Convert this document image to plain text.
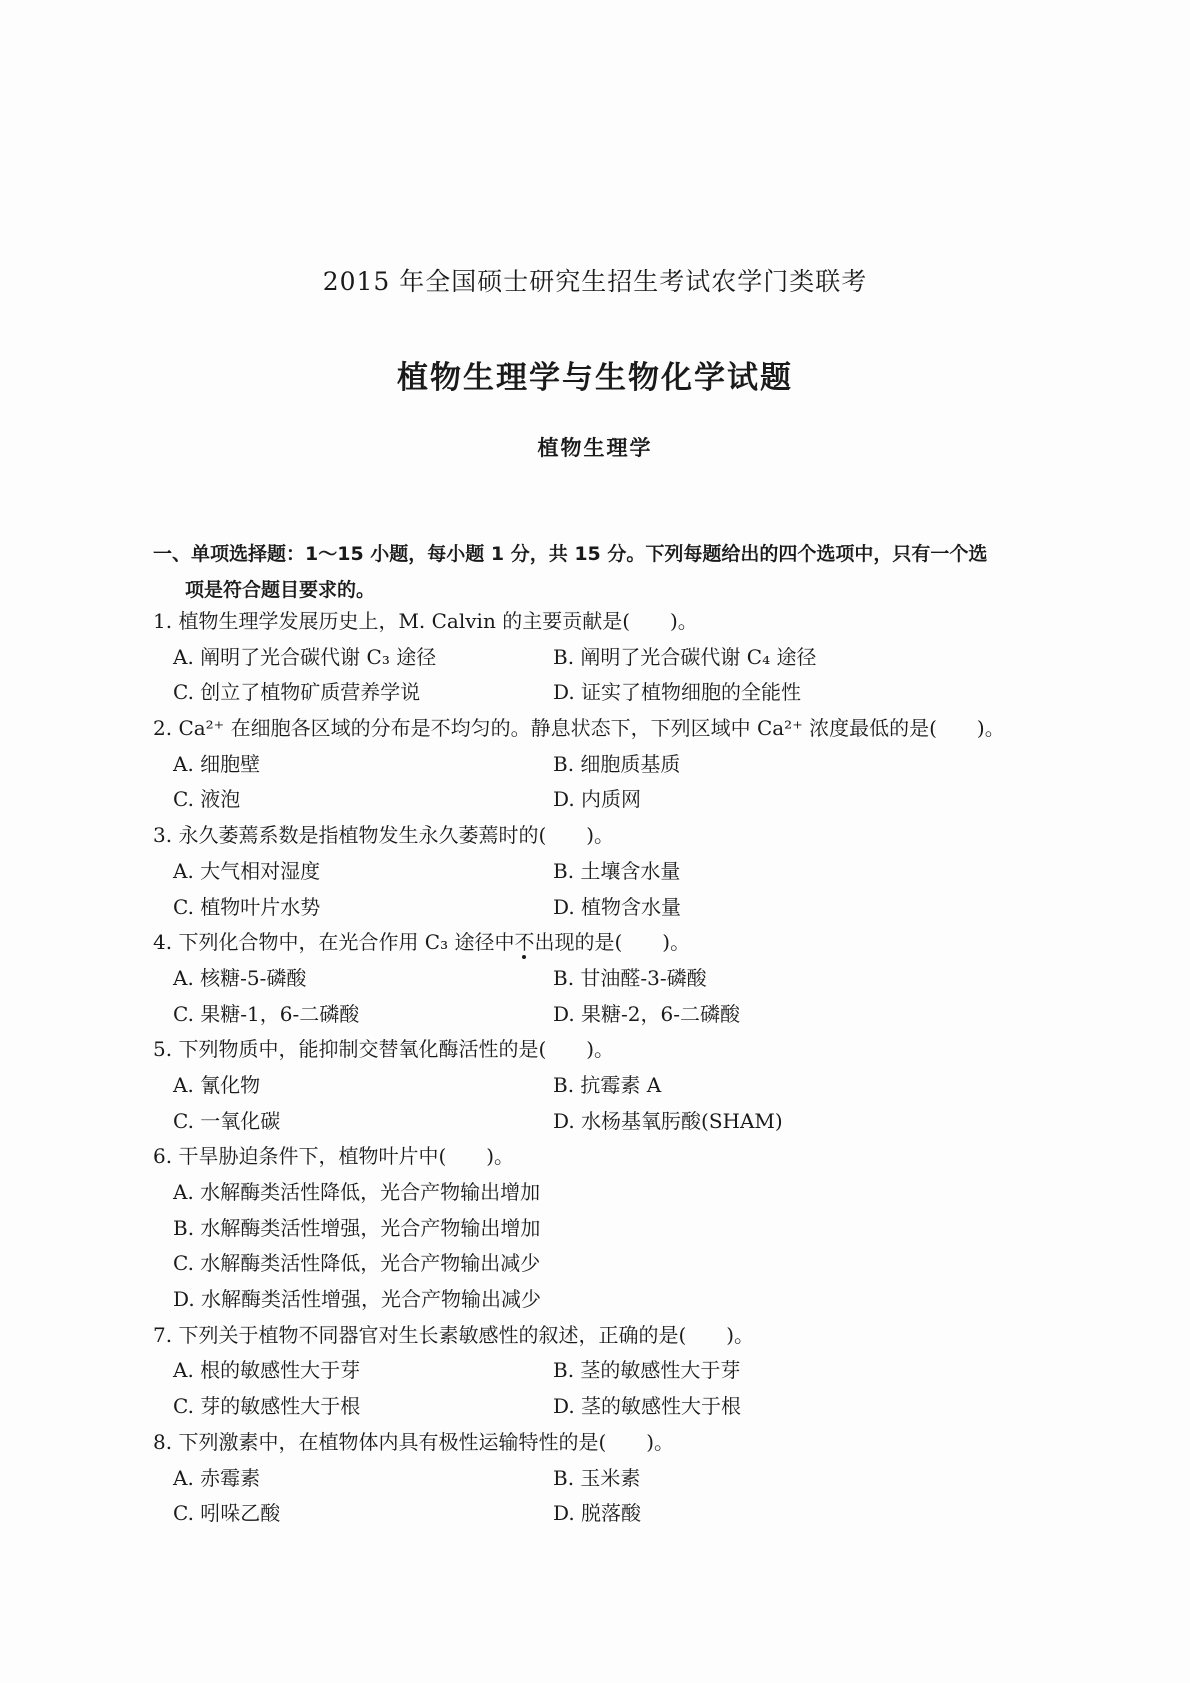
2015 年全国硕士研究生招生考试农学门类联考
植物生理学与生物化学试题
植物生理学

一、单项选择题：1～15 小题，每小题 1 分，共 15 分。下列每题给出的四个选项中，只有一个选
项是符合题目要求的。

1. 植物生理学发展历史上，M. Calvin 的主要贡献是(　　)。
A. 阐明了光合碳代谢 C₃ 途径	B. 阐明了光合碳代谢 C₄ 途径
C. 创立了植物矿质营养学说	D. 证实了植物细胞的全能性
2. Ca²⁺ 在细胞各区域的分布是不均匀的。静息状态下，下列区域中 Ca²⁺ 浓度最低的是(　　)。
A. 细胞壁	B. 细胞质基质
C. 液泡	D. 内质网
3. 永久萎蔫系数是指植物发生永久萎蔫时的(　　)。
A. 大气相对湿度	B. 土壤含水量
C. 植物叶片水势	D. 植物含水量
4. 下列化合物中，在光合作用 C₃ 途径中不出现的是(　　)。
A. 核糖-5-磷酸	B. 甘油醛-3-磷酸
C. 果糖-1，6-二磷酸	D. 果糖-2，6-二磷酸
5. 下列物质中，能抑制交替氧化酶活性的是(　　)。
A. 氰化物	B. 抗霉素 A
C. 一氧化碳	D. 水杨基氧肟酸(SHAM)
6. 干旱胁迫条件下，植物叶片中(　　)。
A. 水解酶类活性降低，光合产物输出增加
B. 水解酶类活性增强，光合产物输出增加
C. 水解酶类活性降低，光合产物输出减少
D. 水解酶类活性增强，光合产物输出减少
7. 下列关于植物不同器官对生长素敏感性的叙述，正确的是(　　)。
A. 根的敏感性大于芽	B. 茎的敏感性大于芽
C. 芽的敏感性大于根	D. 茎的敏感性大于根
8. 下列激素中，在植物体内具有极性运输特性的是(　　)。
A. 赤霉素	B. 玉米素
C. 吲哚乙酸	D. 脱落酸
